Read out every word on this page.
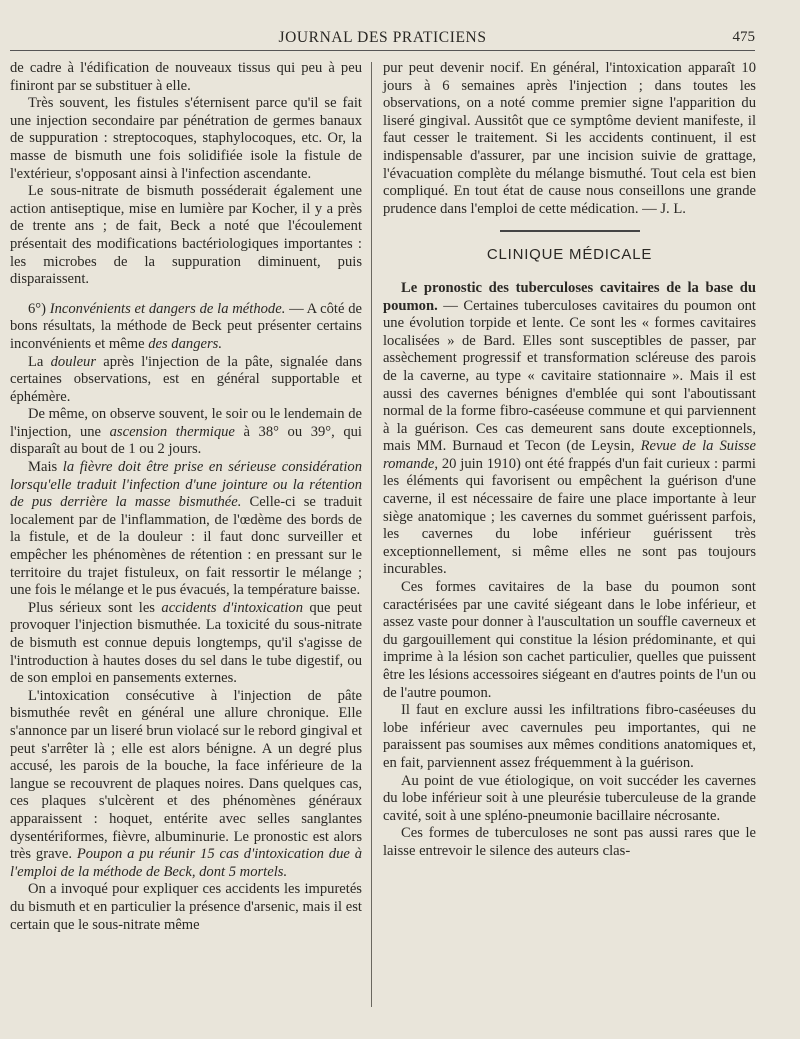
JOURNAL DES PRATICIENS	475

de cadre à l'édification de nouveaux tissus qui peu à peu finiront par se substituer à elle.

Très souvent, les fistules s'éternisent parce qu'il se fait une injection secondaire par pénétration de germes banaux de suppuration : streptocoques, staphylocoques, etc. Or, la masse de bismuth une fois solidifiée isole la fistule de l'extérieur, s'opposant ainsi à l'infection ascendante.

Le sous-nitrate de bismuth posséderait également une action antiseptique, mise en lumière par Kocher, il y a près de trente ans ; de fait, Beck a noté que l'écoulement présentait des modifications bactériologiques importantes : les microbes de la suppuration diminuent, puis disparaissent.

6°) Inconvénients et dangers de la méthode. — A côté de bons résultats, la méthode de Beck peut présenter certains inconvénients et même des dangers.

La douleur après l'injection de la pâte, signalée dans certaines observations, est en général supportable et éphémère.

De même, on observe souvent, le soir ou le lendemain de l'injection, une ascension thermique à 38° ou 39°, qui disparaît au bout de 1 ou 2 jours.

Mais la fièvre doit être prise en sérieuse considération lorsqu'elle traduit l'infection d'une jointure ou la rétention de pus derrière la masse bismuthée. Celle-ci se traduit localement par de l'inflammation, de l'œdème des bords de la fistule, et de la douleur : il faut donc surveiller et empêcher les phénomènes de rétention : en pressant sur le territoire du trajet fistuleux, on fait ressortir le mélange ; une fois le mélange et le pus évacués, la température baisse.

Plus sérieux sont les accidents d'intoxication que peut provoquer l'injection bismuthée. La toxicité du sous-nitrate de bismuth est connue depuis longtemps, qu'il s'agisse de l'introduction à hautes doses du sel dans le tube digestif, ou de son emploi en pansements externes.

L'intoxication consécutive à l'injection de pâte bismuthée revêt en général une allure chronique. Elle s'annonce par un liseré brun violacé sur le rebord gingival et peut s'arrêter là ; elle est alors bénigne. A un degré plus accusé, les parois de la bouche, la face inférieure de la langue se recouvrent de plaques noires. Dans quelques cas, ces plaques s'ulcèrent et des phénomènes généraux apparaissent : hoquet, entérite avec selles sanglantes dysentériformes, fièvre, albuminurie. Le pronostic est alors très grave. Poupon a pu réunir 15 cas d'intoxication due à l'emploi de la méthode de Beck, dont 5 mortels.

On a invoqué pour expliquer ces accidents les impuretés du bismuth et en particulier la présence d'arsenic, mais il est certain que le sous-nitrate même

pur peut devenir nocif. En général, l'intoxication apparaît 10 jours à 6 semaines après l'injection ; dans toutes les observations, on a noté comme premier signe l'apparition du liseré gingival. Aussitôt que ce symptôme devient manifeste, il faut cesser le traitement. Si les accidents continuent, il est indispensable d'assurer, par une incision suivie de grattage, l'évacuation complète du mélange bismuthé. Tout cela est bien compliqué. En tout état de cause nous conseillons une grande prudence dans l'emploi de cette médication. — J. L.

CLINIQUE MÉDICALE

Le pronostic des tuberculoses cavitaires de la base du poumon. — Certaines tuberculoses cavitaires du poumon ont une évolution torpide et lente. Ce sont les « formes cavitaires localisées » de Bard. Elles sont susceptibles de passer, par assèchement progressif et transformation scléreuse des parois de la caverne, au type « cavitaire stationnaire ». Mais il est aussi des cavernes bénignes d'emblée qui sont l'aboutissant normal de la forme fibro-caséeuse commune et qui parviennent à la guérison. Ces cas demeurent sans doute exceptionnels, mais MM. Burnaud et Tecon (de Leysin, Revue de la Suisse romande, 20 juin 1910) ont été frappés d'un fait curieux : parmi les éléments qui favorisent ou empêchent la guérison d'une caverne, il est nécessaire de faire une place importante à leur siège anatomique ; les cavernes du sommet guérissent parfois, les cavernes du lobe inférieur guérissent très exceptionnellement, si même elles ne sont pas toujours incurables.

Ces formes cavitaires de la base du poumon sont caractérisées par une cavité siégeant dans le lobe inférieur, et assez vaste pour donner à l'auscultation un souffle caverneux et du gargouillement qui constitue la lésion prédominante, et qui imprime à la lésion son cachet particulier, quelles que puissent être les lésions accessoires siégeant en d'autres points de l'un ou de l'autre poumon.

Il faut en exclure aussi les infiltrations fibro-caséeuses du lobe inférieur avec cavernules peu importantes, qui ne paraissent pas soumises aux mêmes conditions anatomiques et, en fait, parviennent assez fréquemment à la guérison.

Au point de vue étiologique, on voit succéder les cavernes du lobe inférieur soit à une pleurésie tuberculeuse de la grande cavité, soit à une spléno-pneumonie bacillaire nécrosante.

Ces formes de tuberculoses ne sont pas aussi rares que le laisse entrevoir le silence des auteurs clas-
